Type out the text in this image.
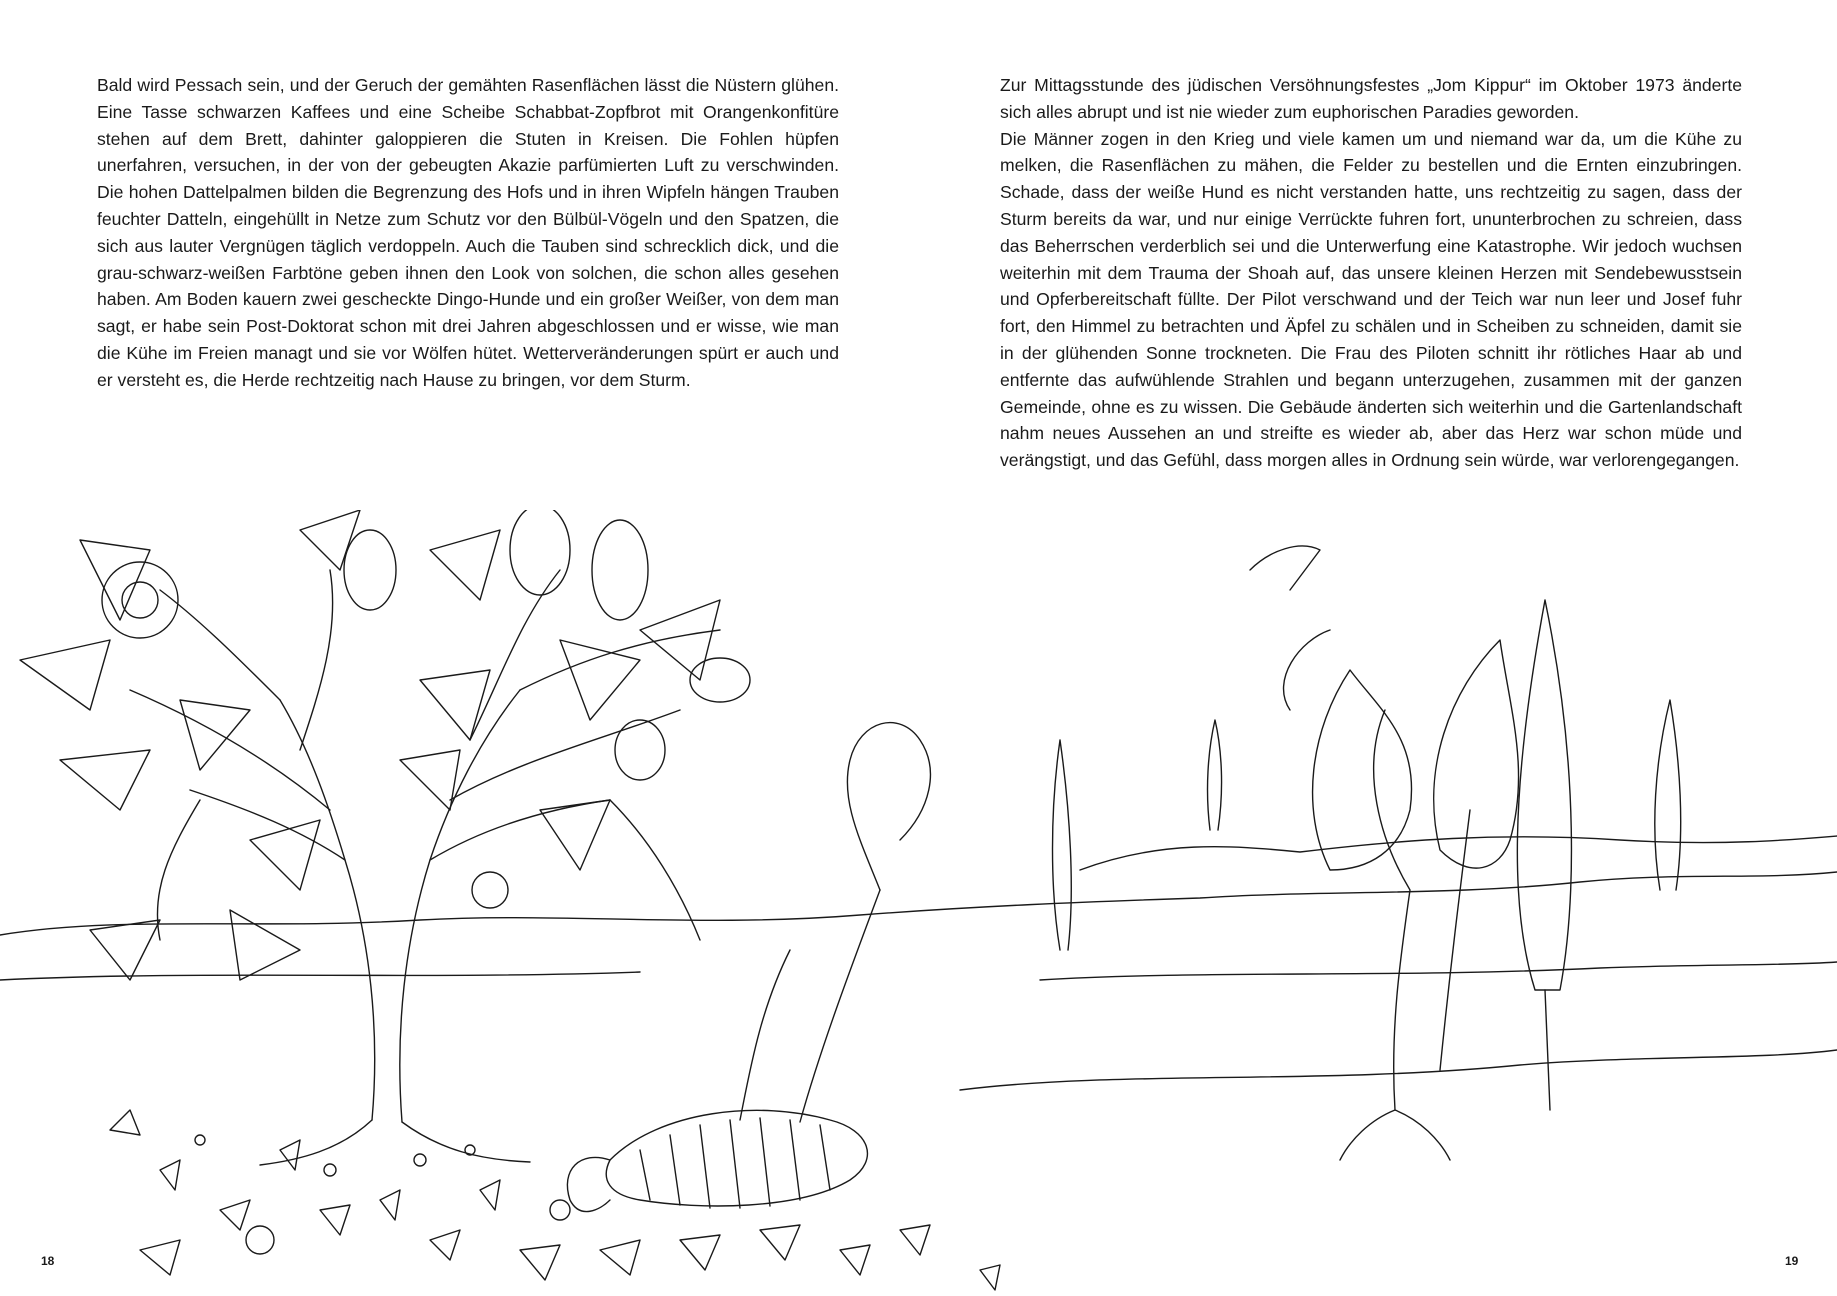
Bald wird Pessach sein, und der Geruch der gemähten Rasenflächen lässt die Nüstern glühen. Eine Tasse schwarzen Kaffees und eine Scheibe Schabbat-Zopfbrot mit Orangenkonfitüre stehen auf dem Brett, dahinter galoppieren die Stuten in Kreisen. Die Fohlen hüpfen unerfahren, versuchen, in der von der gebeugten Akazie parfümierten Luft zu verschwinden. Die hohen Dattelpalmen bilden die Begrenzung des Hofs und in ihren Wipfeln hängen Trauben feuchter Datteln, eingehüllt in Netze zum Schutz vor den Bülbül-Vögeln und den Spatzen, die sich aus lauter Vergnügen täglich verdoppeln. Auch die Tauben sind schrecklich dick, und die grau-schwarz-weißen Farbtöne geben ihnen den Look von solchen, die schon alles gesehen haben. Am Boden kauern zwei gescheckte Dingo-Hunde und ein großer Weißer, von dem man sagt, er habe sein Post-Doktorat schon mit drei Jahren abgeschlossen und er wisse, wie man die Kühe im Freien managt und sie vor Wölfen hütet. Wetterveränderungen spürt er auch und er versteht es, die Herde rechtzeitig nach Hause zu bringen, vor dem Sturm.

Zur Mittagsstunde des jüdischen Versöhnungsfestes „Jom Kippur“ im Oktober 1973 änderte sich alles abrupt und ist nie wieder zum euphorischen Paradies geworden.

Die Männer zogen in den Krieg und viele kamen um und niemand war da, um die Kühe zu melken, die Rasenflächen zu mähen, die Felder zu bestellen und die Ernten einzubringen. Schade, dass der weiße Hund es nicht verstanden hatte, uns rechtzeitig zu sagen, dass der Sturm bereits da war, und nur einige Verrückte fuhren fort, ununterbrochen zu schreien, dass das Beherrschen verderblich sei und die Unterwerfung eine Katastrophe. Wir jedoch wuchsen weiterhin mit dem Trauma der Shoah auf, das unsere kleinen Herzen mit Sendebewusstsein und Opferbereitschaft füllte. Der Pilot verschwand und der Teich war nun leer und Josef fuhr fort, den Himmel zu betrachten und Äpfel zu schälen und in Scheiben zu schneiden, damit sie in der glühenden Sonne trockneten. Die Frau des Piloten schnitt ihr rötliches Haar ab und entfernte das aufwühlende Strahlen und begann unterzugehen, zusammen mit der ganzen Gemeinde, ohne es zu wissen. Die Gebäude änderten sich weiterhin und die Gartenlandschaft nahm neues Aussehen an und streifte es wieder ab, aber das Herz war schon müde und verängstigt, und das Gefühl, dass morgen alles in Ordnung sein würde, war verlorengegangen.

18	19
